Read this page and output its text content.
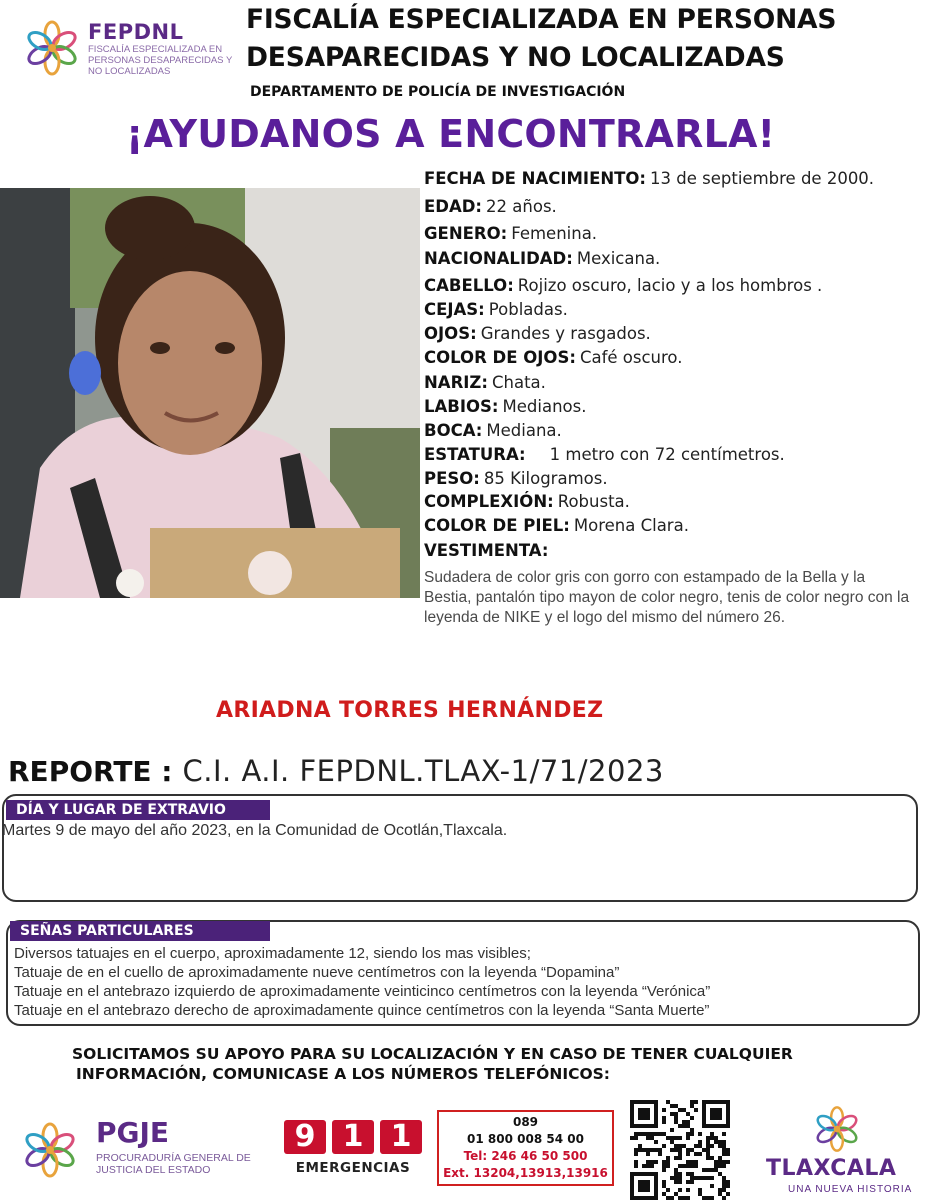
FEPDNL
FISCALÍA ESPECIALIZADA EN
PERSONAS DESAPARECIDAS Y
NO LOCALIZADAS
FISCALÍA ESPECIALIZADA EN PERSONAS
DESAPARECIDAS Y NO LOCALIZADAS
DEPARTAMENTO DE POLICÍA DE INVESTIGACIÓN
¡AYUDANOS A ENCONTRARLA!
FECHA DE NACIMIENTO: 13 de septiembre de 2000.
EDAD: 22 años.
GENERO: Femenina.
NACIONALIDAD: Mexicana.
CABELLO: Rojizo oscuro, lacio y a los hombros .
CEJAS: Pobladas.
OJOS: Grandes y rasgados.
COLOR DE OJOS: Café oscuro.
NARIZ: Chata.
LABIOS: Medianos.
BOCA: Mediana.
ESTATURA: 1 metro con 72 centímetros.
PESO: 85 Kilogramos.
COMPLEXIÓN: Robusta.
COLOR DE PIEL: Morena Clara.
VESTIMENTA:
Sudadera de color gris con gorro con estampado de la Bella y la Bestia, pantalón tipo mayon de color negro, tenis de color negro con la leyenda de NIKE y el logo del mismo del número 26.
ARIADNA TORRES HERNÁNDEZ
REPORTE : C.I. A.I. FEPDNL.TLAX-1/71/2023
DÍA Y LUGAR DE EXTRAVIO
Martes 9 de mayo del año 2023, en la Comunidad de Ocotlán,Tlaxcala.
SEÑAS PARTICULARES
Diversos tatuajes en el cuerpo, aproximadamente 12, siendo los mas visibles;
Tatuaje de en el cuello de aproximadamente nueve centímetros con la leyenda “Dopamina”
Tatuaje en el antebrazo izquierdo de aproximadamente veinticinco centímetros con la leyenda “Verónica”
Tatuaje en el antebrazo derecho de aproximadamente quince centímetros con la leyenda “Santa Muerte”
SOLICITAMOS SU APOYO PARA SU LOCALIZACIÓN Y EN CASO DE TENER CUALQUIER
INFORMACIÓN, COMUNICASE A LOS NÚMEROS TELEFÓNICOS:
PGJE
PROCURADURÍA GENERAL DE
JUSTICIA DEL ESTADO
9 1 1
EMERGENCIAS
089
01 800 008 54 00
Tel: 246 46 50 500
Ext. 13204,13913,13916	TLAXCALA
UNA NUEVA HISTORIA
